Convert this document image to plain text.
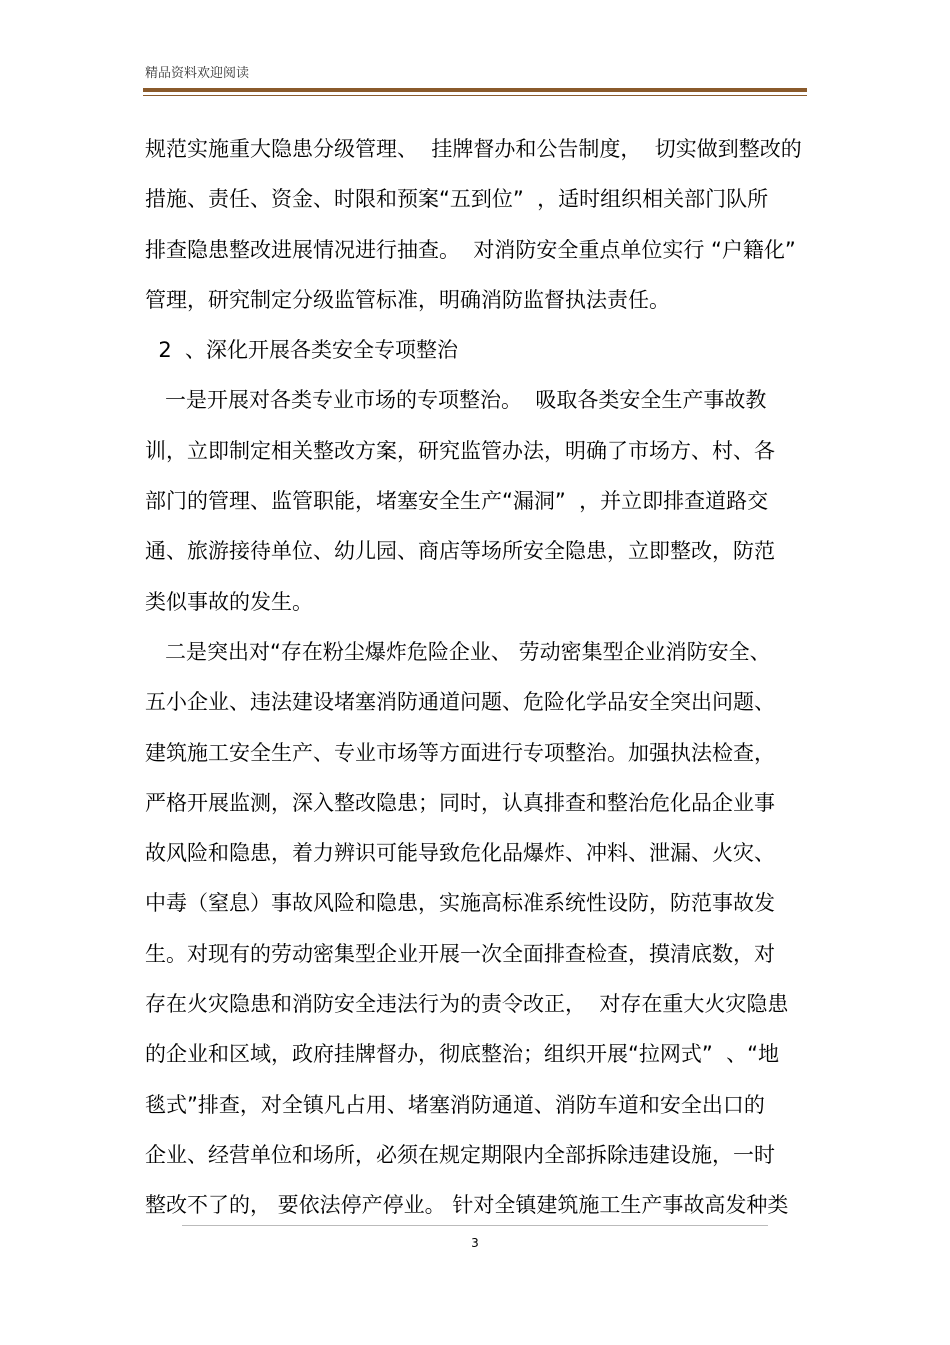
精品资料欢迎阅读
规范实施重大隐患分级管理、  挂牌督办和公告制度，  切实做到整改的
措施、责任、资金、时限和预案“五到位”  ，适时组织相关部门队所
排查隐患整改进展情况进行抽查。  对消防安全重点单位实行 “户籍化”
管理，研究制定分级监管标准，明确消防监督执法责任。
2  、深化开展各类安全专项整治
一是开展对各类专业市场的专项整治。  吸取各类安全生产事故教
训，立即制定相关整改方案，研究监管办法，明确了市场方、村、各
部门的管理、监管职能，堵塞安全生产“漏洞”  ，并立即排查道路交
通、旅游接待单位、幼儿园、商店等场所安全隐患，立即整改，防范
类似事故的发生。
二是突出对“存在粉尘爆炸危险企业、 劳动密集型企业消防安全、
五小企业、违法建设堵塞消防通道问题、危险化学品安全突出问题、
建筑施工安全生产、专业市场等方面进行专项整治。加强执法检查，
严格开展监测，深入整改隐患；同时，认真排查和整治危化品企业事
故风险和隐患，着力辨识可能导致危化品爆炸、冲料、泄漏、火灾、
中毒（窒息）事故风险和隐患，实施高标准系统性设防，防范事故发
生。对现有的劳动密集型企业开展一次全面排查检查，摸清底数，对
存在火灾隐患和消防安全违法行为的责令改正，  对存在重大火灾隐患
的企业和区域，政府挂牌督办，彻底整治；组织开展“拉网式”  、“地
毯式”排查，对全镇凡占用、堵塞消防通道、消防车道和安全出口的
企业、经营单位和场所，必须在规定期限内全部拆除违建设施，一时
整改不了的， 要依法停产停业。 针对全镇建筑施工生产事故高发种类
3
